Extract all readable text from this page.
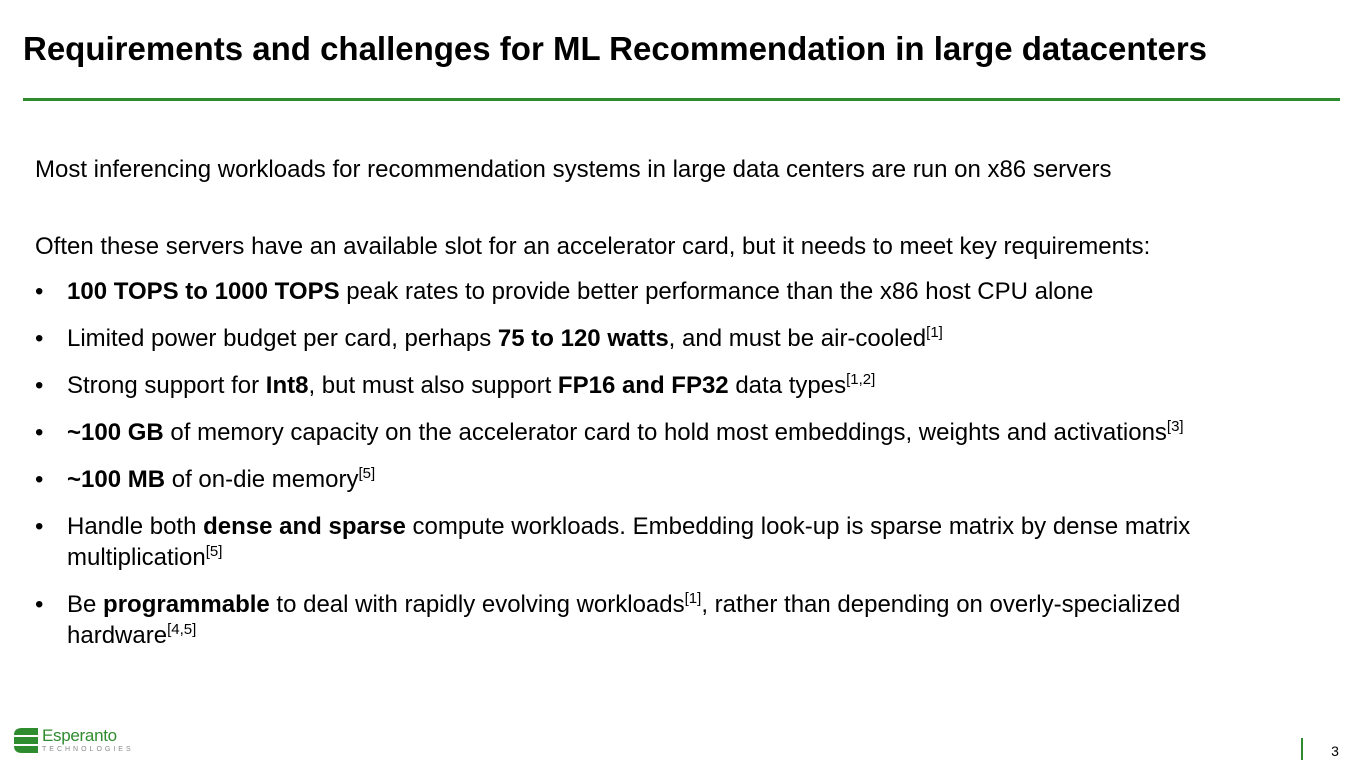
Requirements and challenges for ML Recommendation in large datacenters

Most inferencing workloads for recommendation systems in large data centers are run on x86 servers

Often these servers have an available slot for an accelerator card, but it needs to meet key requirements:

• 100 TOPS to 1000 TOPS peak rates to provide better performance than the x86 host CPU alone
• Limited power budget per card, perhaps 75 to 120 watts, and must be air-cooled[1]
• Strong support for Int8, but must also support FP16 and FP32 data types[1,2]
• ~100 GB of memory capacity on the accelerator card to hold most embeddings, weights and activations[3]
• ~100 MB of on-die memory[5]
• Handle both dense and sparse compute workloads. Embedding look-up is sparse matrix by dense matrix multiplication[5]
• Be programmable to deal with rapidly evolving workloads[1], rather than depending on overly-specialized hardware[4,5]
Esperanto
TECHNOLOGIES	3
